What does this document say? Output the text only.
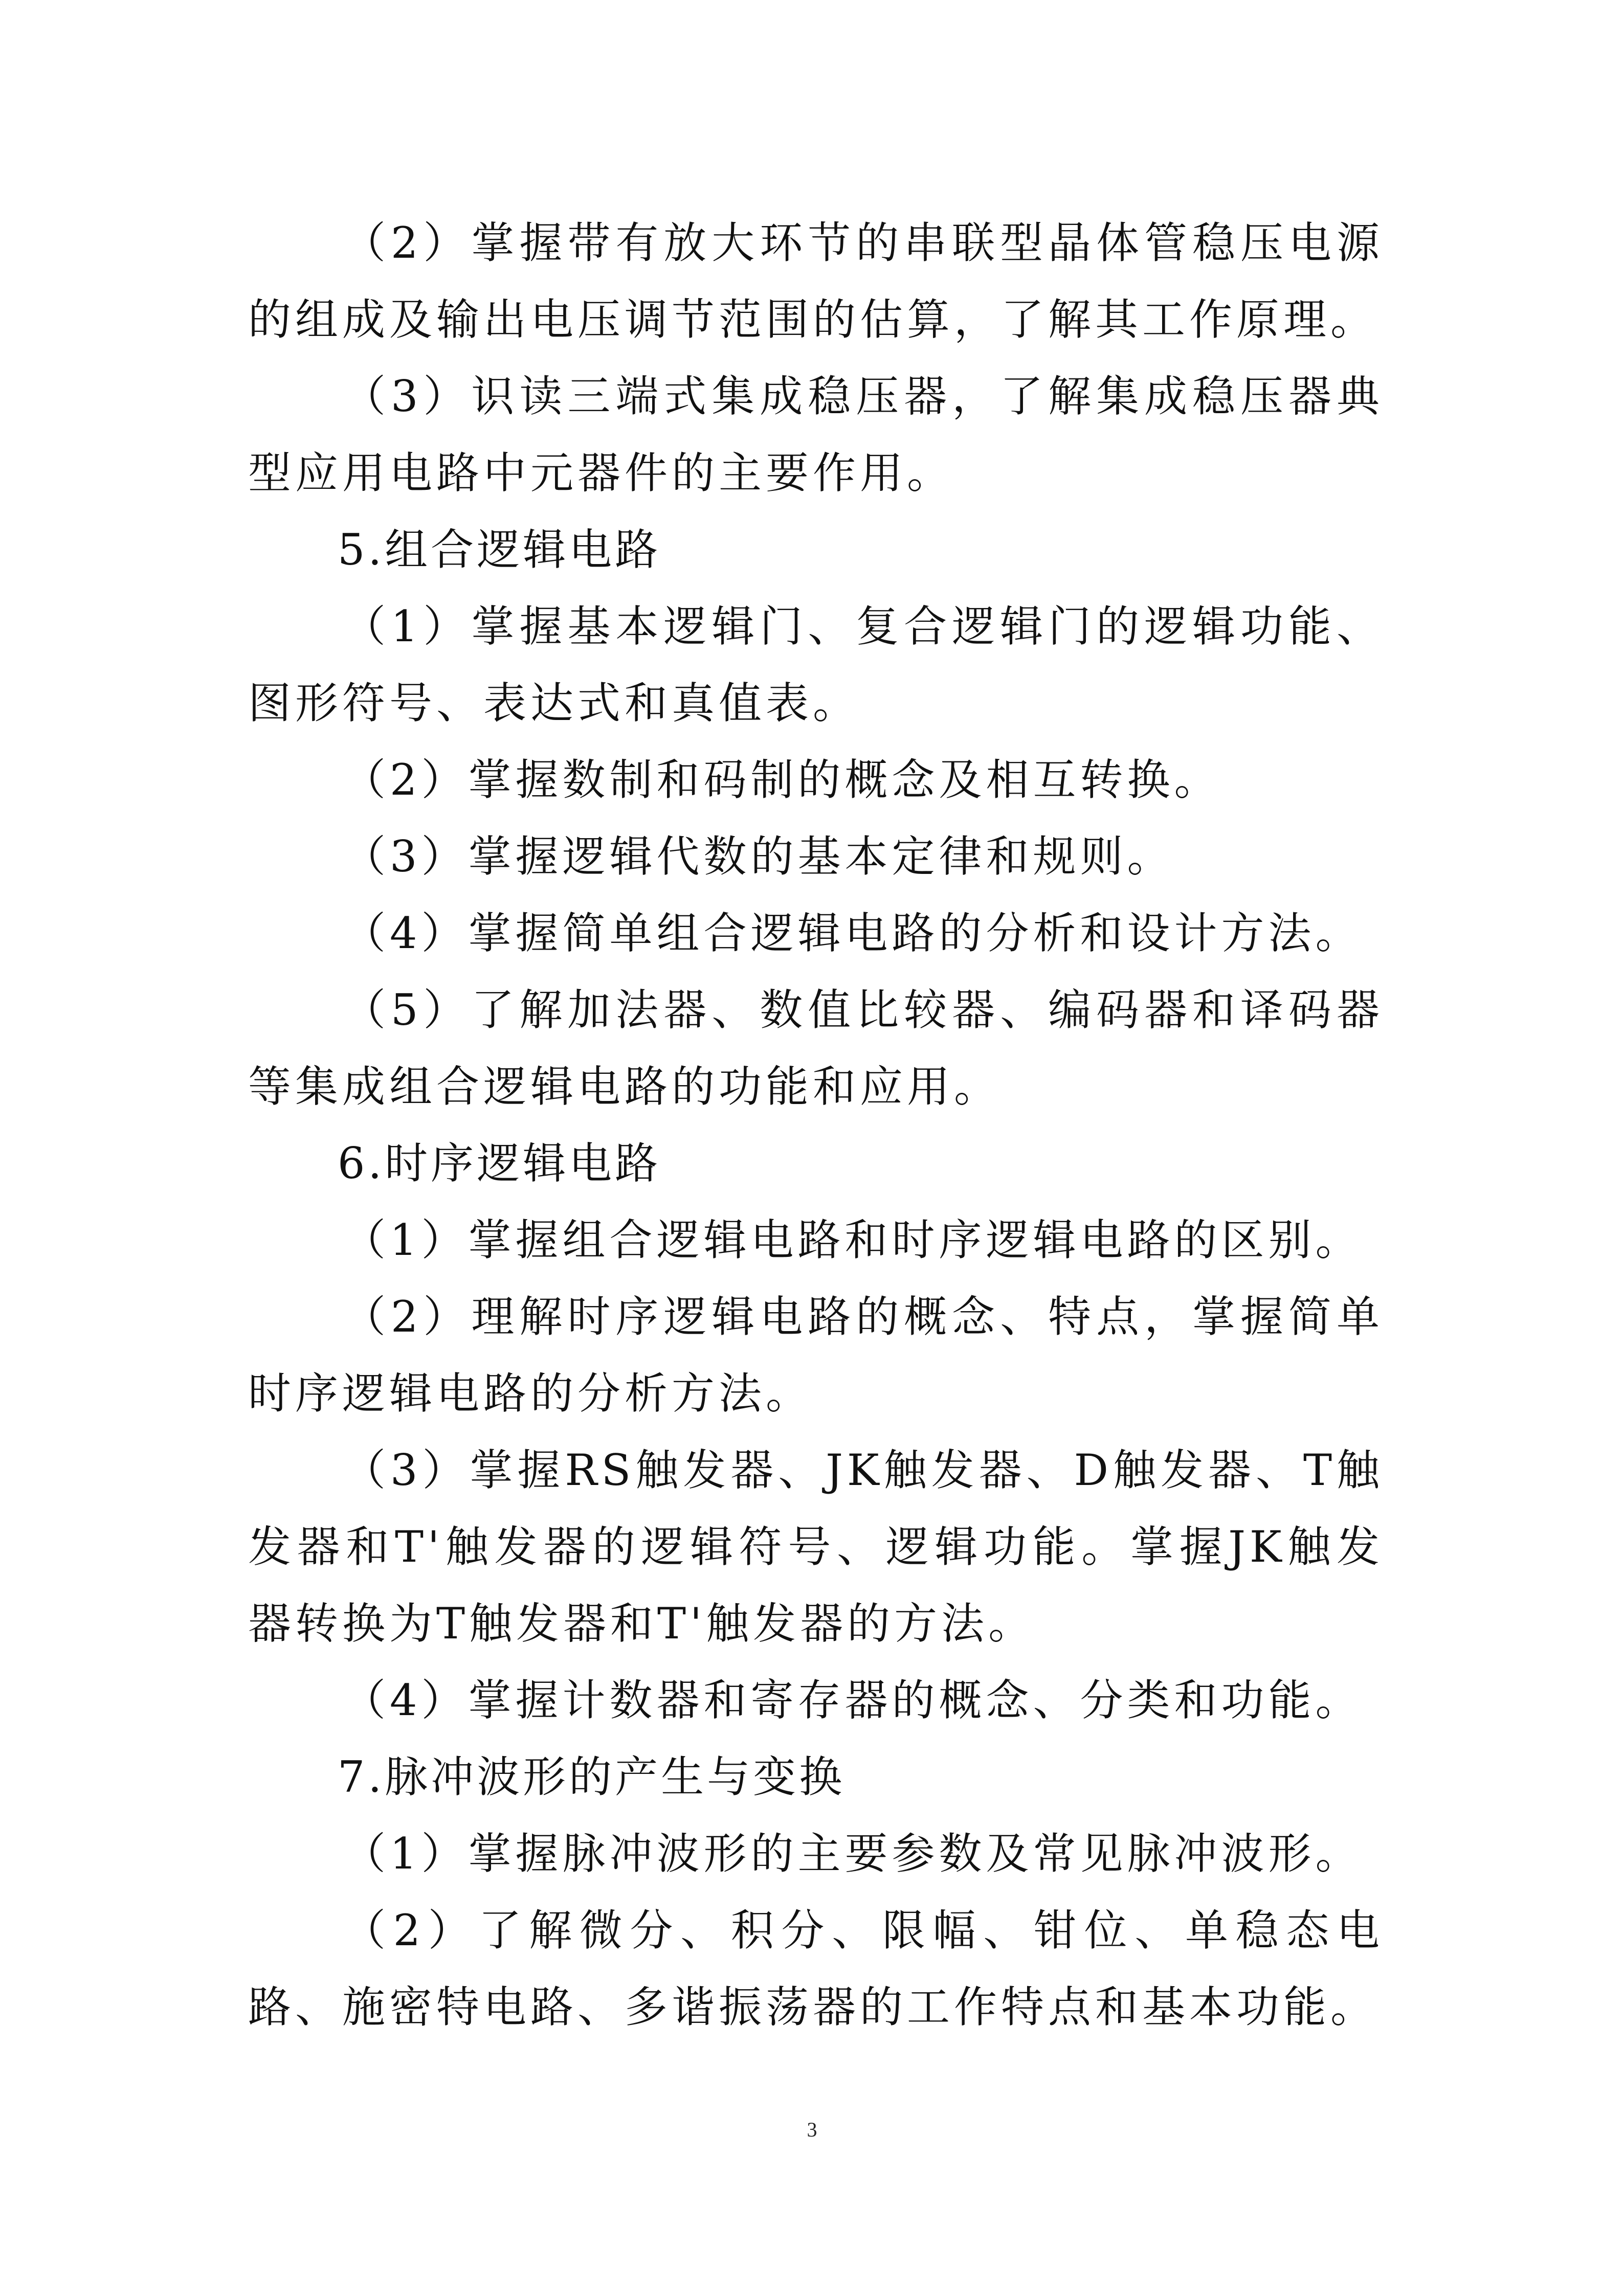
（2）掌握带有放大环节的串联型晶体管稳压电源的组成及输出电压调节范围的估算，了解其工作原理。

（3）识读三端式集成稳压器，了解集成稳压器典型应用电路中元器件的主要作用。

5.组合逻辑电路

（1）掌握基本逻辑门、复合逻辑门的逻辑功能、图形符号、表达式和真值表。

（2）掌握数制和码制的概念及相互转换。

（3）掌握逻辑代数的基本定律和规则。

（4）掌握简单组合逻辑电路的分析和设计方法。

（5）了解加法器、数值比较器、编码器和译码器等集成组合逻辑电路的功能和应用。

6.时序逻辑电路

（1）掌握组合逻辑电路和时序逻辑电路的区别。

（2）理解时序逻辑电路的概念、特点，掌握简单时序逻辑电路的分析方法。

（3）掌握RS触发器、JK触发器、D触发器、T触发器和T'触发器的逻辑符号、逻辑功能。掌握JK触发器转换为T触发器和T'触发器的方法。

（4）掌握计数器和寄存器的概念、分类和功能。

7.脉冲波形的产生与变换

（1）掌握脉冲波形的主要参数及常见脉冲波形。

（2）了解微分、积分、限幅、钳位、单稳态电路、施密特电路、多谐振荡器的工作特点和基本功能。

3
